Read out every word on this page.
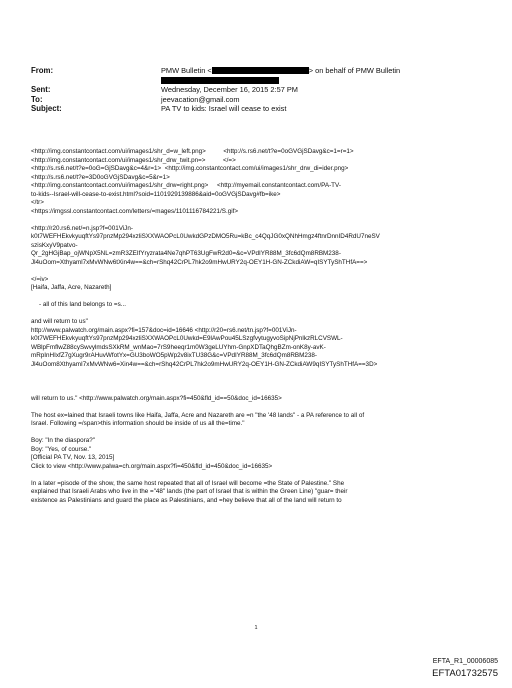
From:	PMW Bulletin <	> on behalf of PMW Bulletin
Sent:	Wednesday, December 16, 2015 2:57 PM
To:	jeevacation@gmail.com
Subject:	PA TV to kids: Israel will cease to exist

<http://img.constantcontact.com/ui/images1/shr_d=w_left.png>          <http://s.rs6.net/t?e=0oGVGjSDavg&c=1=r=1>

<http://img.constantcontact.com/ui/images1/shr_drw_twit.pn=>          </=>

<http://s.rs6.net/t?e=0oG=GjSDavg&c=4&r=1>  <http://img.constantcontact.com/ui/images1/shr_drw_di=ider.png>

<http://s.rs6.net/t?e=3D0oGVGjSDavg&c=5&r=1>

<http://img.constantcontact.com/ui/images1/shr_drw=right.png>     <http://myemail.constantcontact.com/PA-TV-

to-kids--Israel-will-cease-to-exist.html?soid=1101929139886&aid=0oGVGjSDavg#fb=ike>

</tr>

<https://imgssl.constantcontact.com/letters/=mages/1101116784221/S.gif>

<http://r20.rs6.net/=n.jsp?f=001ViJn-

k0t7WEFHEkvkyuqftYs97pnzMp294xzliSXXWAOPcL0UwkdGPzDMO5Ru=kBc_c4QqJG0xQNhHmgz4ftnrDnnID4RdU7neSV

szisKxyV9patvo-

Qr_2gHGjBap_ojWNpX5NL=zmR3ZEIfYryzrata4Ne7qhPT63UgFwR2d0=&c=VPdIYR88M_3fc6dQm8RBM238-

Jl4uOom=Xthyaml7xMvWNw6tXin4w==&ch=rShq42CrPL7hk2o9mHwURY2q-OEY1H-GN-ZCkdiAW=qISYTyShTHfA==>

</=iv>

[Haifa, Jaffa, Acre, Nazareth]

- all of this land belongs to =s...

and will return to us"

http://www.palwatch.org/main.aspx?fi=157&doc=id=16646 <http://r20=rs6.net/tn.jsp?f=001ViJn-

k0t7WEFHEkvkyuqftYs97pnzMp294xzliSXXWAOPcL0Uwkd=E9lAwPou45LSzgfvytugyvoSipNjPnlkzRLCVSWL-

WBlpFmflwZ88cySwvylmdsSXkRM_wnMao=7rS9heeqr1m0W3geLUYhm-GnpXDTaQhgBZm-onK8y-avK-

mRpInHIxfZ7gXugr9rAHuvWfotYx=GU3boWO5pWp2v8ixTU38G&c=VPdIYR88M_3fc6dQm8RBM238-

Jl4uOom8XthyamI7xMvWNw6=Xin4w==&ch=rShq42CrPL7hk2o9mHwURY2q-OEY1H-GN-ZCkdiAW9qISYTyShTHfA==3D>

will return to us." <http://www.palwatch.org/main.aspx?fi=450&fld_id==50&doc_id=16635>

The host ex=lained that Israeli towns like Haifa, Jaffa, Acre and Nazareth are =n "the '48 lands" - a PA reference to all of

Israel. Following =/span>this information should be inside of us all the=time."

Boy: "In the diaspora?"

Boy: "Yes, of course."

[Official PA TV, Nov. 13, 2015]

Click to view <http://www.palwa=ch.org/main.aspx?fi=450&fld_id=450&doc_id=16635>

In a later =pisode of the show, the same host repeated that all of Israel will become =the State of Palestine." She

explained that Israeli Arabs who live in the ="48" lands (the part of Israel that is within the Green Line) "guar= their

existence as Palestinians and guard the place as Palestinians, and =hey believe that all of the land will return to

1
EFTA_R1_00006085
EFTA01732575
